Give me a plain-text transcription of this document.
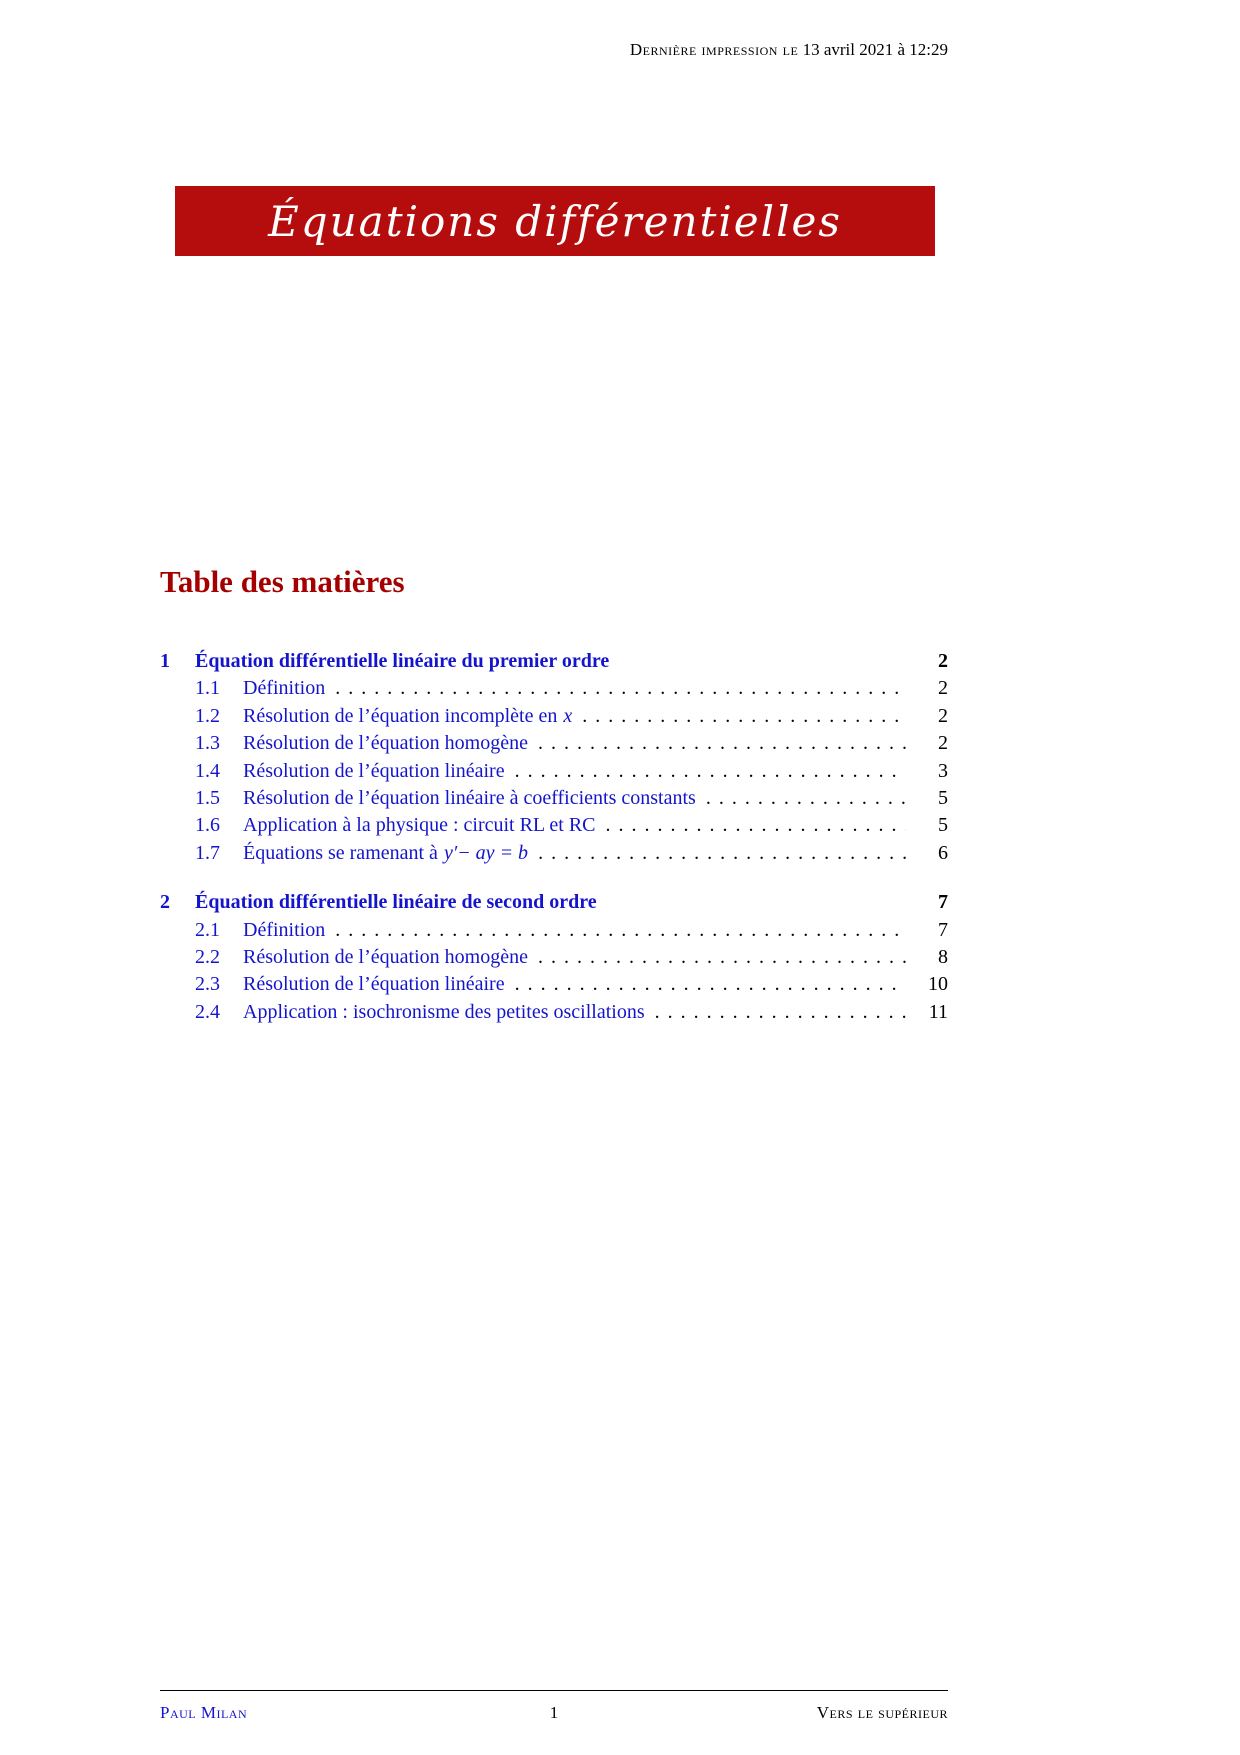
Dernière impression le 13 avril 2021 à 12:29
Équations différentielles
Table des matières
1	Équation différentielle linéaire du premier ordre	2
1.1	Définition .....	2
1.2	Résolution de l’équation incomplète en x .....	2
1.3	Résolution de l’équation homogène .....	2
1.4	Résolution de l’équation linéaire .....	3
1.5	Résolution de l’équation linéaire à coefficients constants .....	5
1.6	Application à la physique : circuit RL et RC .....	5
1.7	Équations se ramenant à y′− ay = b .....	6
2	Équation différentielle linéaire de second ordre	7
2.1	Définition .....	7
2.2	Résolution de l’équation homogène .....	8
2.3	Résolution de l’équation linéaire .....	10
2.4	Application : isochronisme des petites oscillations .....	11
Paul Milan	1	Vers le supérieur
